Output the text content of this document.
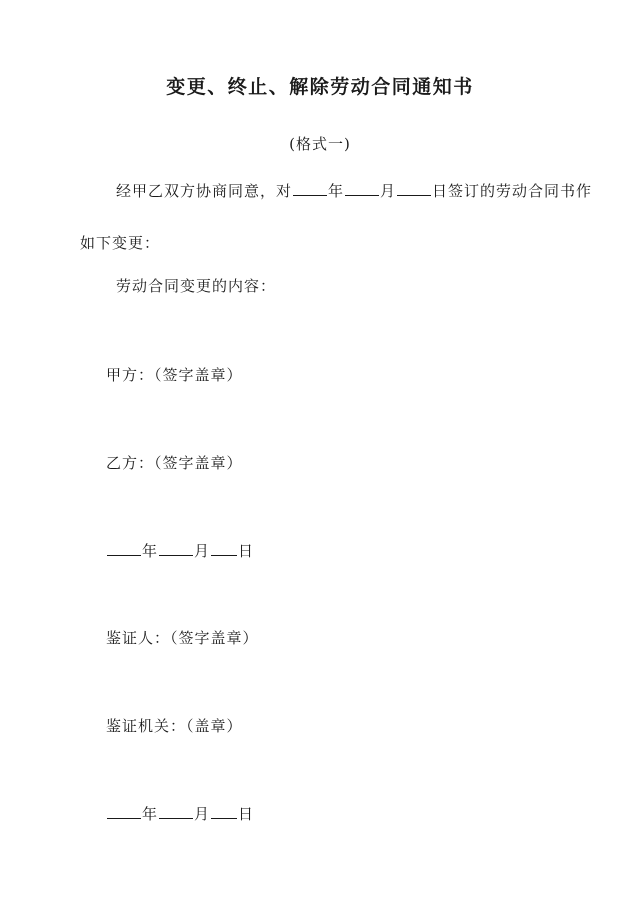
变更、终止、解除劳动合同通知书
(格式一)
经甲乙双方协商同意，对 年 月 日签订的劳动合同书作
如下变更：
劳动合同变更的内容：
甲方：（签字盖章）
乙方：（签字盖章）
年 月 日
鉴证人：（签字盖章）
鉴证机关：（盖章）
年 月 日
